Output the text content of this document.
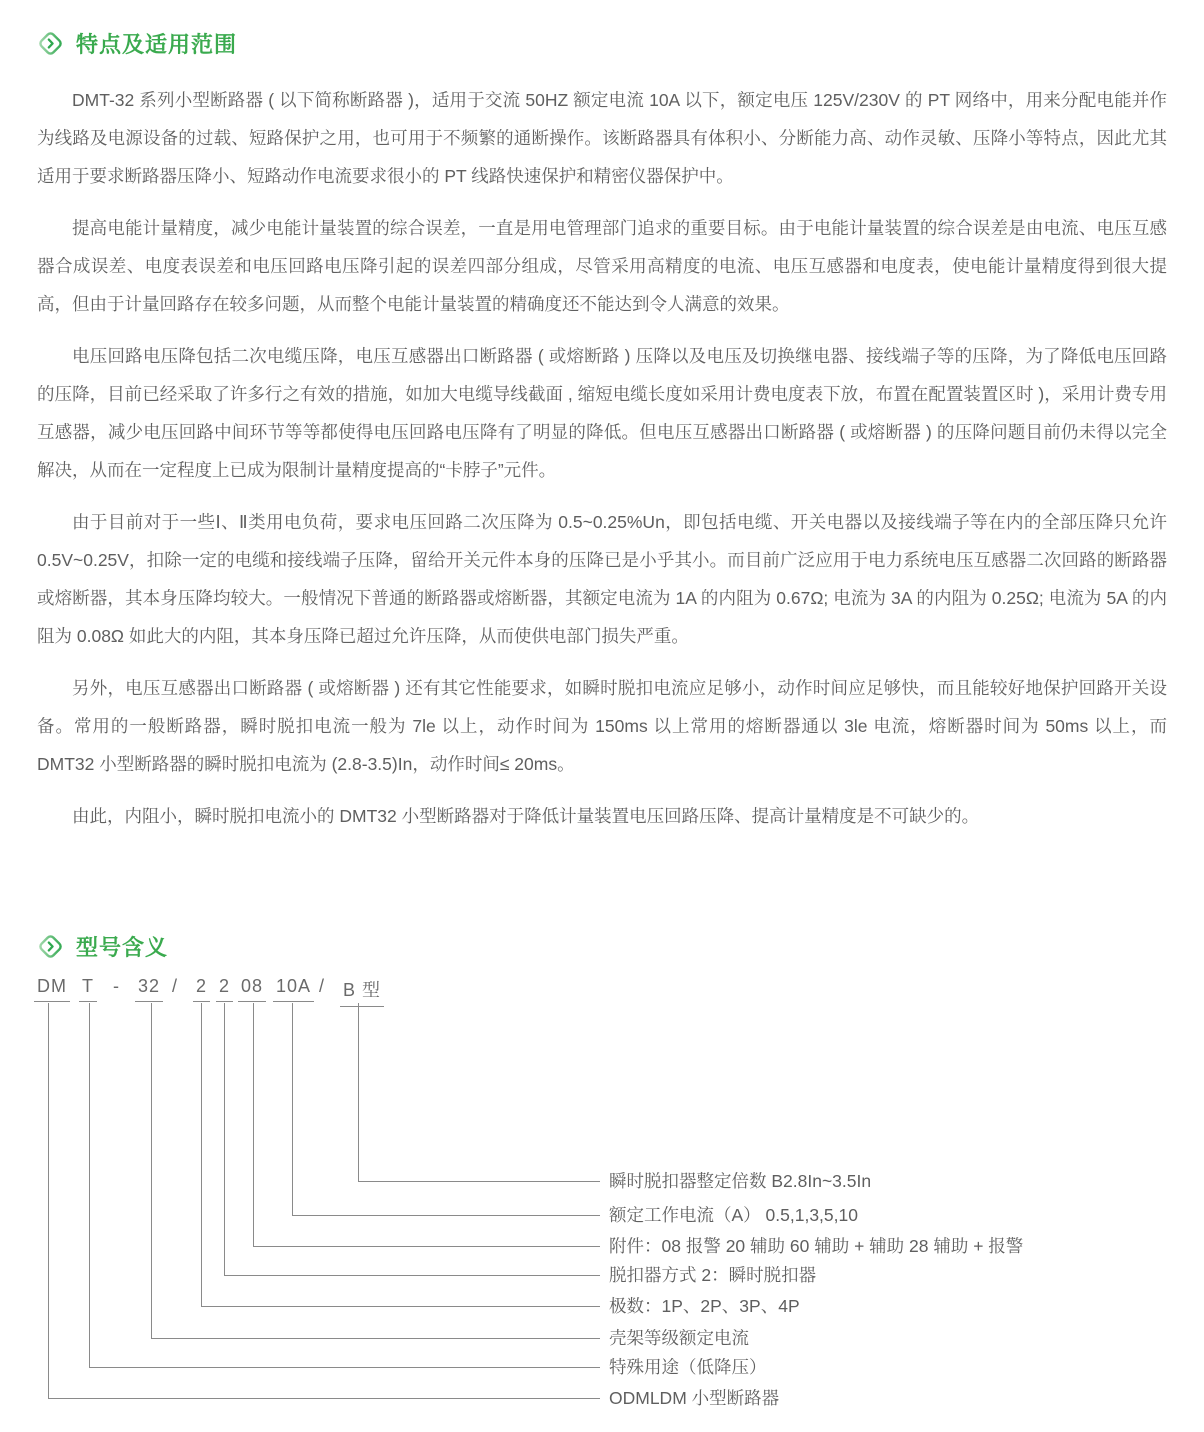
特点及适用范围

DMT-32 系列小型断路器 ( 以下简称断路器 )，适用于交流 50HZ 额定电流 10A 以下，额定电压 125V/230V 的 PT 网络中，用来分配电能并作为线路及电源设备的过载、短路保护之用，也可用于不频繁的通断操作。该断路器具有体积小、分断能力高、动作灵敏、压降小等特点，因此尤其适用于要求断路器压降小、短路动作电流要求很小的 PT 线路快速保护和精密仪器保护中。

提高电能计量精度，减少电能计量装置的综合误差，一直是用电管理部门追求的重要目标。由于电能计量装置的综合误差是由电流、电压互感器合成误差、电度表误差和电压回路电压降引起的误差四部分组成，尽管采用高精度的电流、电压互感器和电度表，使电能计量精度得到很大提高，但由于计量回路存在较多问题，从而整个电能计量装置的精确度还不能达到令人满意的效果。

电压回路电压降包括二次电缆压降，电压互感器出口断路器 ( 或熔断路 ) 压降以及电压及切换继电器、接线端子等的压降，为了降低电压回路的压降，目前已经采取了许多行之有效的措施，如加大电缆导线截面 , 缩短电缆长度如采用计费电度表下放，布置在配置装置区时 )，采用计费专用互感器，减少电压回路中间环节等等都使得电压回路电压降有了明显的降低。但电压互感器出口断路器 ( 或熔断器 ) 的压降问题目前仍未得以完全解决，从而在一定程度上已成为限制计量精度提高的“卡脖子”元件。

由于目前对于一些Ⅰ、Ⅱ类用电负荷，要求电压回路二次压降为 0.5~0.25%Un，即包括电缆、开关电器以及接线端子等在内的全部压降只允许 0.5V~0.25V，扣除一定的电缆和接线端子压降，留给开关元件本身的压降已是小乎其小。而目前广泛应用于电力系统电压互感器二次回路的断路器或熔断器，其本身压降均较大。一般情况下普通的断路器或熔断器，其额定电流为 1A 的内阻为 0.67Ω; 电流为 3A 的内阻为 0.25Ω; 电流为 5A 的内阻为 0.08Ω 如此大的内阻，其本身压降已超过允许压降，从而使供电部门损失严重。

另外，电压互感器出口断路器 ( 或熔断器 ) 还有其它性能要求，如瞬时脱扣电流应足够小，动作时间应足够快，而且能较好地保护回路开关设备。常用的一般断路器，瞬时脱扣电流一般为 7le 以上，动作时间为 150ms 以上常用的熔断器通以 3le 电流，熔断器时间为 50ms 以上，而 DMT32 小型断路器的瞬时脱扣电流为 (2.8-3.5)In，动作时间≤ 20ms。

由此，内阻小，瞬时脱扣电流小的 DMT32 小型断路器对于降低计量装置电压回路压降、提高计量精度是不可缺少的。

型号含义
DM T - 32 / 2 2 08 10A / B 型
瞬时脱扣器整定倍数 B2.8In~3.5In
额定工作电流（A） 0.5,1,3,5,10
附件：08 报警 20 辅助 60 辅助 + 辅助 28 辅助 + 报警
脱扣器方式 2：瞬时脱扣器
极数：1P、2P、3P、4P
壳架等级额定电流
特殊用途（低降压）
ODMLDM 小型断路器
